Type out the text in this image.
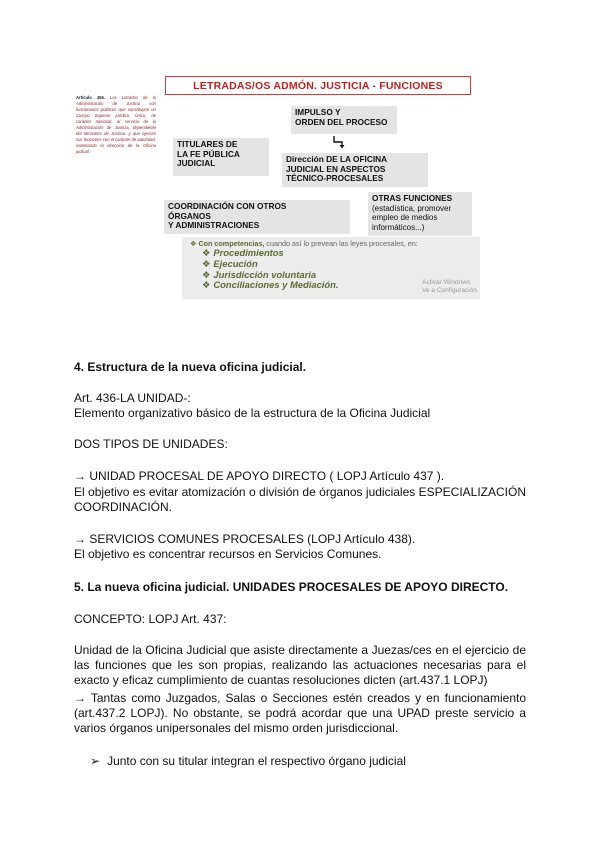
Artículo 456. Los Letrados de la Administración de Justicia son funcionarios públicos que constituyen un Cuerpo Superior jurídico, único, de carácter nacional, al servicio de la Administración de Justicia, dependiente del Ministerio de Justicia, y que ejercen sus funciones con el carácter de autoridad, ostentando la dirección de la Oficina judicial.
LETRADAS/OS ADMÓN. JUSTICIA - FUNCIONES
IMPULSO Y
ORDEN DEL PROCESO
TITULARES DE
LA FE PÚBLICA
JUDICIAL	Dirección DE LA OFICINA
JUDICIAL EN ASPECTOS
TÉCNICO-PROCESALES
COORDINACIÓN CON OTROS
ÓRGANOS
Y ADMINISTRACIONES
OTRAS FUNCIONES
(estadística, promover
empleo de medios
informáticos...)
❖ Con competencias, cuando así lo prevean las leyes procesales, en:
❖ Procedimientos
❖ Ejecución
❖ Jurisdicción voluntaria
❖ Conciliaciones y Mediación.	Activar Windows
Ve a Configuración
4. Estructura de la nueva oficina judicial.
Art. 436-LA UNIDAD-:
Elemento organizativo básico de la estructura de la Oficina Judicial
DOS TIPOS DE UNIDADES:
→ UNIDAD PROCESAL DE APOYO DIRECTO ( LOPJ Artículo 437 ).
El objetivo es evitar atomización o división de órganos judiciales ESPECIALIZACIÓN COORDINACIÓN.
→ SERVICIOS COMUNES PROCESALES (LOPJ Artículo 438).
El objetivo es concentrar recursos en Servicios Comunes.
5. La nueva oficina judicial. UNIDADES PROCESALES DE APOYO DIRECTO.
CONCEPTO: LOPJ Art. 437:
Unidad de la Oficina Judicial que asiste directamente a Juezas/ces en el ejercicio de las funciones que les son propias, realizando las actuaciones necesarias para el exacto y eficaz cumplimiento de cuantas resoluciones dicten (art.437.1 LOPJ)
→ Tantas como Juzgados, Salas o Secciones estén creados y en funcionamiento (art.437.2 LOPJ). No obstante, se podrá acordar que una UPAD preste servicio a varios órganos unipersonales del mismo orden jurisdiccional.
➢ Junto con su titular integran el respectivo órgano judicial
